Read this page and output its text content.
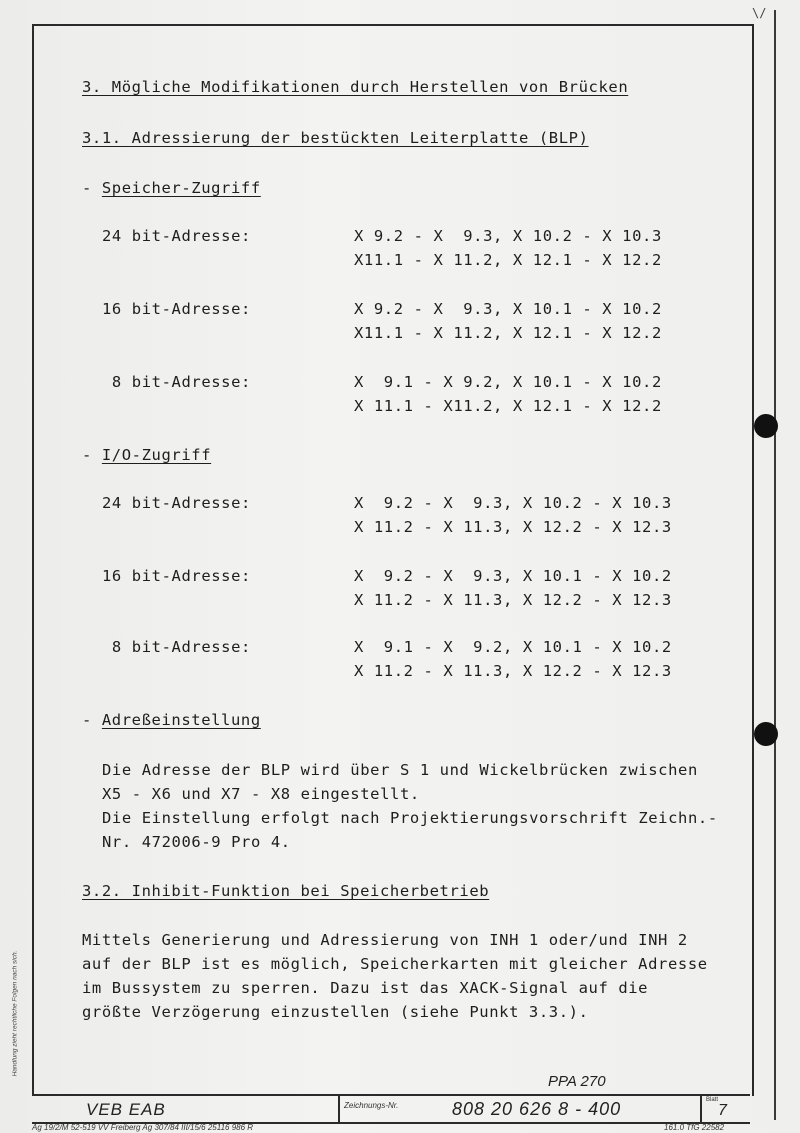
\/
Handlung zieht rechtliche Folgen nach sich.
3. Mögliche Modifikationen durch Herstellen von Brücken
3.1. Adressierung der bestückten Leiterplatte (BLP)
- Speicher-Zugriff
24 bit-Adresse:	X 9.2 - X  9.3, X 10.2 - X 10.3
X11.1 - X 11.2, X 12.1 - X 12.2
16 bit-Adresse:	X 9.2 - X  9.3, X 10.1 - X 10.2
X11.1 - X 11.2, X 12.1 - X 12.2
8 bit-Adresse:	X  9.1 - X 9.2, X 10.1 - X 10.2
X 11.1 - X11.2, X 12.1 - X 12.2
- I/O-Zugriff
24 bit-Adresse:	X  9.2 - X  9.3, X 10.2 - X 10.3
X 11.2 - X 11.3, X 12.2 - X 12.3
16 bit-Adresse:	X  9.2 - X  9.3, X 10.1 - X 10.2
X 11.2 - X 11.3, X 12.2 - X 12.3
8 bit-Adresse:	X  9.1 - X  9.2, X 10.1 - X 10.2
X 11.2 - X 11.3, X 12.2 - X 12.3
- Adreßeinstellung
Die Adresse der BLP wird über S 1 und Wickelbrücken zwischen
X5 - X6 und X7 - X8 eingestellt.
Die Einstellung erfolgt nach Projektierungsvorschrift Zeichn.-
Nr. 472006-9 Pro 4.
3.2. Inhibit-Funktion bei Speicherbetrieb
Mittels Generierung und Adressierung von INH 1 oder/und INH 2
auf der BLP ist es möglich, Speicherkarten mit gleicher Adresse
im Bussystem zu sperren. Dazu ist das XACK-Signal auf die
größte Verzögerung einzustellen (siehe Punkt 3.3.).
PPA 270
VEB EAB	Zeichnungs-Nr.	808 20 626 8 - 400	Blatt
7
Ag 19/2/M 52-519 VV Freiberg Ag 307/84 III/15/6 25116 986 R	161.0 TfG 22582
